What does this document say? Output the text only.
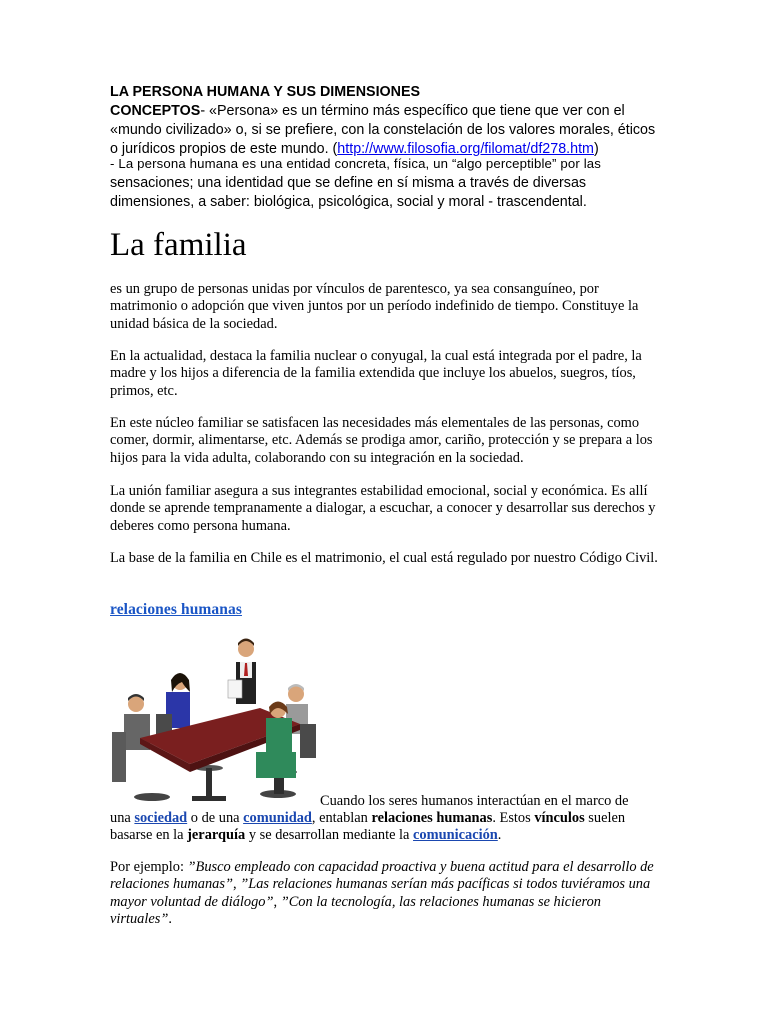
LA PERSONA HUMANA Y SUS DIMENSIONES
CONCEPTOS- «Persona» es un término más específico que tiene que ver con el «mundo civilizado» o, si se prefiere, con la constelación de los valores morales, éticos o jurídicos propios de este mundo. (http://www.filosofia.org/filomat/df278.htm)
- La persona humana es una entidad concreta, física, un “algo perceptible” por las sensaciones; una identidad que se define en sí misma a través de diversas dimensiones, a saber: biológica, psicológica, social y moral - trascendental.
La familia

es un grupo de personas unidas por vínculos de parentesco, ya sea consanguíneo, por matrimonio o adopción que viven juntos por un período indefinido de tiempo. Constituye la unidad básica de la sociedad.

En la actualidad, destaca la familia nuclear o conyugal, la cual está integrada por el padre, la madre y los hijos a diferencia de la familia extendida que incluye los abuelos, suegros, tíos, primos, etc.

En este núcleo familiar se satisfacen las necesidades más elementales de las personas, como comer, dormir, alimentarse, etc. Además se prodiga amor, cariño, protección y se prepara a los hijos para la vida adulta, colaborando con su integración en la sociedad.

La unión familiar asegura a sus integrantes estabilidad emocional, social y económica. Es allí donde se aprende tempranamente a dialogar, a escuchar, a conocer y desarrollar sus derechos y deberes como persona humana.

La base de la familia en Chile es el matrimonio, el cual está regulado por nuestro Código Civil.

relaciones humanas
Cuando los seres humanos interactúan en el marco de
una sociedad o de una comunidad, entablan relaciones humanas. Estos vínculos suelen basarse en la jerarquía y se desarrollan mediante la comunicación.
Por ejemplo: ”Busco empleado con capacidad proactiva y buena actitud para el desarrollo de relaciones humanas”, ”Las relaciones humanas serían más pacíficas si todos tuviéramos una mayor voluntad de diálogo”, ”Con la tecnología, las relaciones humanas se hicieron virtuales”.
